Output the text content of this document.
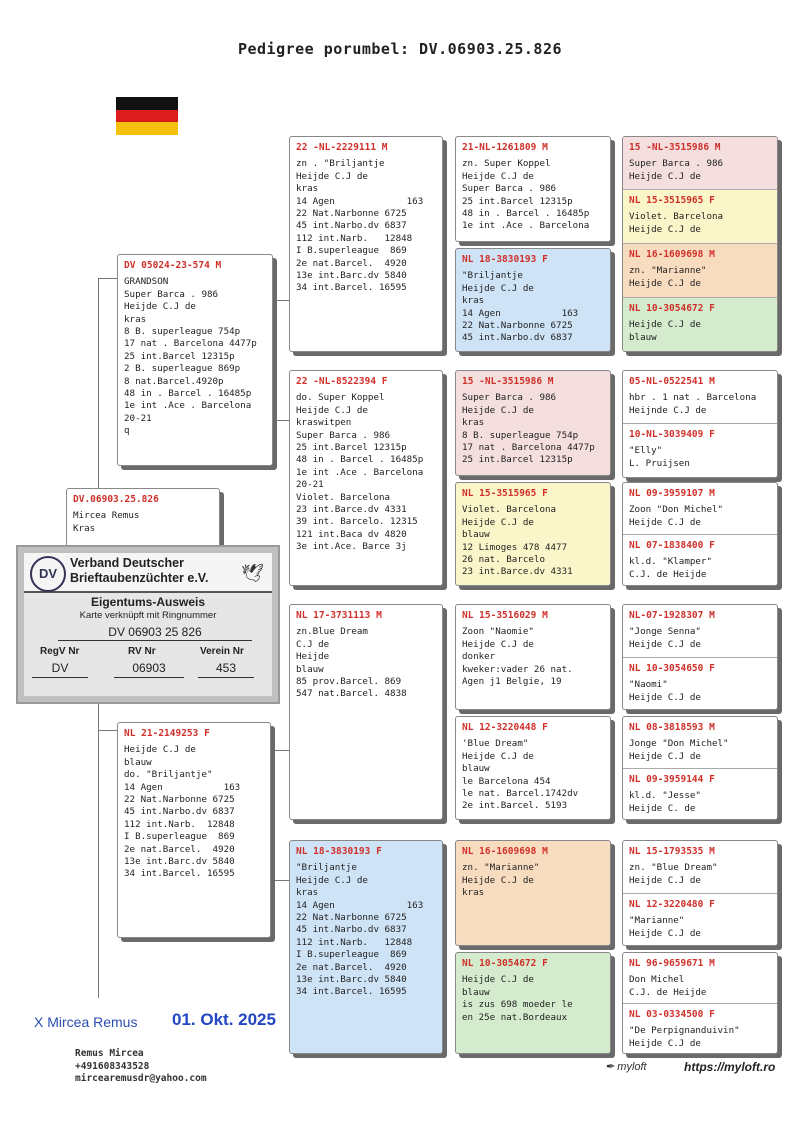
Pedigree porumbel: DV.06903.25.826
DV.06903.25.826
Mircea Remus
Kras
DV 05024-23-574 M
GRANDSON
Super Barca . 986
Heijde C.J de
kras
8 B. superleague 754p
17 nat . Barcelona 4477p
25 int.Barcel 12315p
2 B. superleague 869p
8 nat.Barcel.4920p
48 in . Barcel . 16485p
1e int .Ace . Barcelona
20-21
q
NL 21-2149253 F
Heijde C.J de
blauw
do. "Briljantje"
14 Agen           163
22 Nat.Narbonne 6725
45 int.Narbo.dv 6837
112 int.Narb.  12848
I B.superleague  869
2e nat.Barcel.  4920
13e int.Barc.dv 5840
34 int.Barcel. 16595
22 -NL-2229111 M
zn . "Briljantje
Heijde C.J de
kras
14 Agen             163
22 Nat.Narbonne 6725
45 int.Narbo.dv 6837
112 int.Narb.   12848
I B.superleague  869
2e nat.Barcel.  4920
13e int.Barc.dv 5840
34 int.Barcel. 16595
22 -NL-8522394 F
do. Super Koppel
Heijde C.J de
kraswitpen
Super Barca . 986
25 int.Barcel 12315p
48 in . Barcel . 16485p
1e int .Ace . Barcelona
20-21
Violet. Barcelona
23 int.Barce.dv 4331
39 int. Barcelo. 12315
121 int.Baca dv 4820
3e int.Ace. Barce 3j
NL 17-3731113 M
zn.Blue Dream
C.J de
Heijde
blauw
85 prov.Barcel. 869
547 nat.Barcel. 4838
NL 18-3830193 F
"Briljantje
Heijde C.J de
kras
14 Agen             163
22 Nat.Narbonne 6725
45 int.Narbo.dv 6837
112 int.Narb.   12848
I B.superleague  869
2e nat.Barcel.  4920
13e int.Barc.dv 5840
34 int.Barcel. 16595
21-NL-1261809 M
zn. Super Koppel
Heijde C.J de
Super Barca . 986
25 int.Barcel 12315p
48 in . Barcel . 16485p
1e int .Ace . Barcelona
NL 18-3830193 F
"Briljantje
Heijde C.J de
kras
14 Agen           163
22 Nat.Narbonne 6725
45 int.Narbo.dv 6837
15 -NL-3515986 M
Super Barca . 986
Heijde C.J de
kras
8 B. superleague 754p
17 nat . Barcelona 4477p
25 int.Barcel 12315p
NL 15-3515965 F
Violet. Barcelona
Heijde C.J de
blauw
12 Limoges 478 4477
26 nat. Barcelo
23 int.Barce.dv 4331
NL 15-3516029 M
Zoon "Naomie"
Heijde C.J de
donker
kweker:vader 26 nat.
Agen j1 Belgie, 19
NL 12-3220448 F
'Blue Dream"
Heijde C.J de
blauw
le Barcelona 454
le nat. Barcel.1742dv
2e int.Barcel. 5193
NL 16-1609698 M
zn. "Marianne"
Heijde C.J de
kras
NL 10-3054672 F
Heijde C.J de
blauw
is zus 698 moeder le
en 25e nat.Bordeaux
15 -NL-3515986 M
Super Barca . 986
Heijde C.J de
NL 15-3515965 F
Violet. Barcelona
Heijde C.J de
NL 16-1609698 M
zn. "Marianne"
Heijde C.J de
NL 10-3054672 F
Heijde C.J de
blauw
05-NL-0522541 M
hbr . 1 nat . Barcelona
Heijnde C.J de
10-NL-3039409 F
"Elly"
L. Pruijsen
NL 09-3959107 M
Zoon "Don Michel"
Heijde C.J de
NL 07-1838400 F
kl.d. "Klamper"
C.J. de Heijde
NL-07-1928307 M
"Jonge Senna"
Heijde C.J de
NL 10-3054650 F
"Naomi"
Heijde C.J de
NL 08-3818593 M
Jonge "Don Michel"
Heijde C.J de
NL 09-3959144 F
kl.d. "Jesse"
Heijde C. de
NL 15-1793535 M
zn. "Blue Dream"
Heijde C.J de
NL 12-3220480 F
"Marianne"
Heijde C.J de
NL 96-9659671 M
Don Michel
C.J. de Heijde
NL 03-0334500 F
"De Perpignanduivin"
Heijde C.J de
DV
Verband Deutscher
Brieftaubenzüchter e.V. 🕊
Eigentums-Ausweis
Karte verknüpft mit Ringnummer
DV 06903 25 826
RegV Nr	RV Nr	Verein Nr
DV	06903	453
X Mircea Remus 01. Okt. 2025
Remus Mircea
+491608343528
mircearemusdr@yahoo.com
✒ myloft	https://myloft.ro
